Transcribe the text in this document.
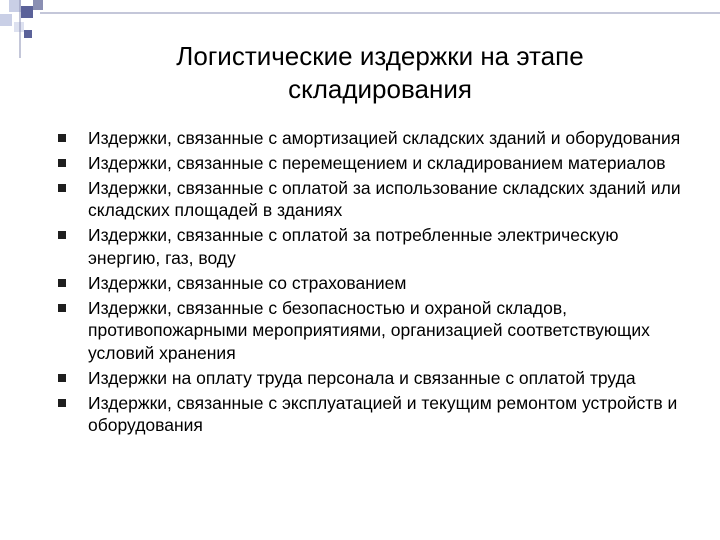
Логистические издержки на этапе
складирования
Издержки, связанные с амортизацией складских зданий и оборудования
Издержки, связанные с перемещением и складированием материалов
Издержки, связанные с оплатой за использование складских зданий или складских площадей в зданиях
Издержки, связанные с оплатой за потребленные электрическую энергию, газ, воду
Издержки, связанные со страхованием
Издержки, связанные с безопасностью и охраной складов, противопожарными мероприятиями, организацией соответствующих условий хранения
Издержки на оплату труда персонала и связанные с оплатой труда
Издержки, связанные с эксплуатацией и текущим ремонтом устройств и оборудования
